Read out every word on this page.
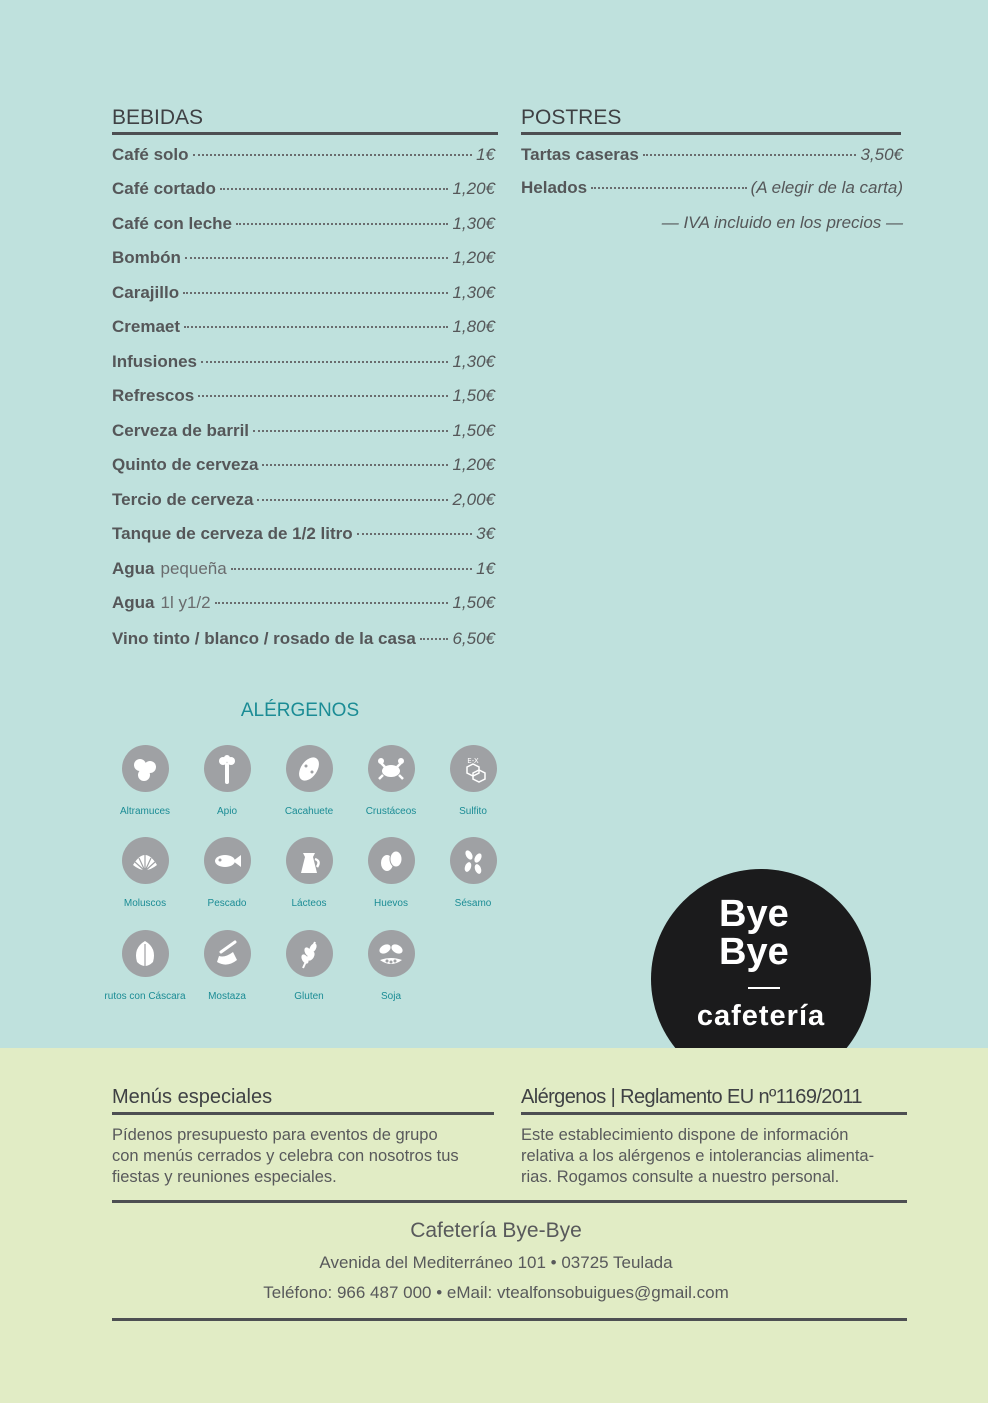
BEBIDAS
Café solo	1€
Café cortado	1,20€
Café con leche	1,30€
Bombón	1,20€
Carajillo	1,30€
Cremaet	1,80€
Infusiones	1,30€
Refrescos	1,50€
Cerveza de barril	1,50€
Quinto de cerveza	1,20€
Tercio de cerveza	2,00€
Tanque de cerveza de 1/2 litro	3€
Agua pequeña	1€
Agua 1l y1/2	1,50€
Vino tinto / blanco / rosado de la casa 6,50€
POSTRES
Tartas caseras	3,50€
Helados	(A elegir de la carta)
— IVA incluido en los precios —
ALÉRGENOS
Altramuces	Apio	Cacahuete	Crustáceos
E-X
Sulfito
Moluscos	Pescado	Lácteos	Huevos	Sésamo
rutos con Cáscara	Mostaza	Gluten	Soja
Bye
Bye
cafetería
Menús especiales

Pídenos presupuesto para eventos de grupo
con menús cerrados y celebra con nosotros tus
fiestas y reuniones especiales.

Alérgenos | Reglamento EU nº1169/2011

Este establecimiento dispone de información
relativa a los alérgenos e intolerancias alimenta-
rias. Rogamos consulte a nuestro personal.

Cafetería Bye-Bye
Avenida del Mediterráneo 101 • 03725 Teulada
Teléfono: 966 487 000 • eMail: vtealfonsobuigues@gmail.com
